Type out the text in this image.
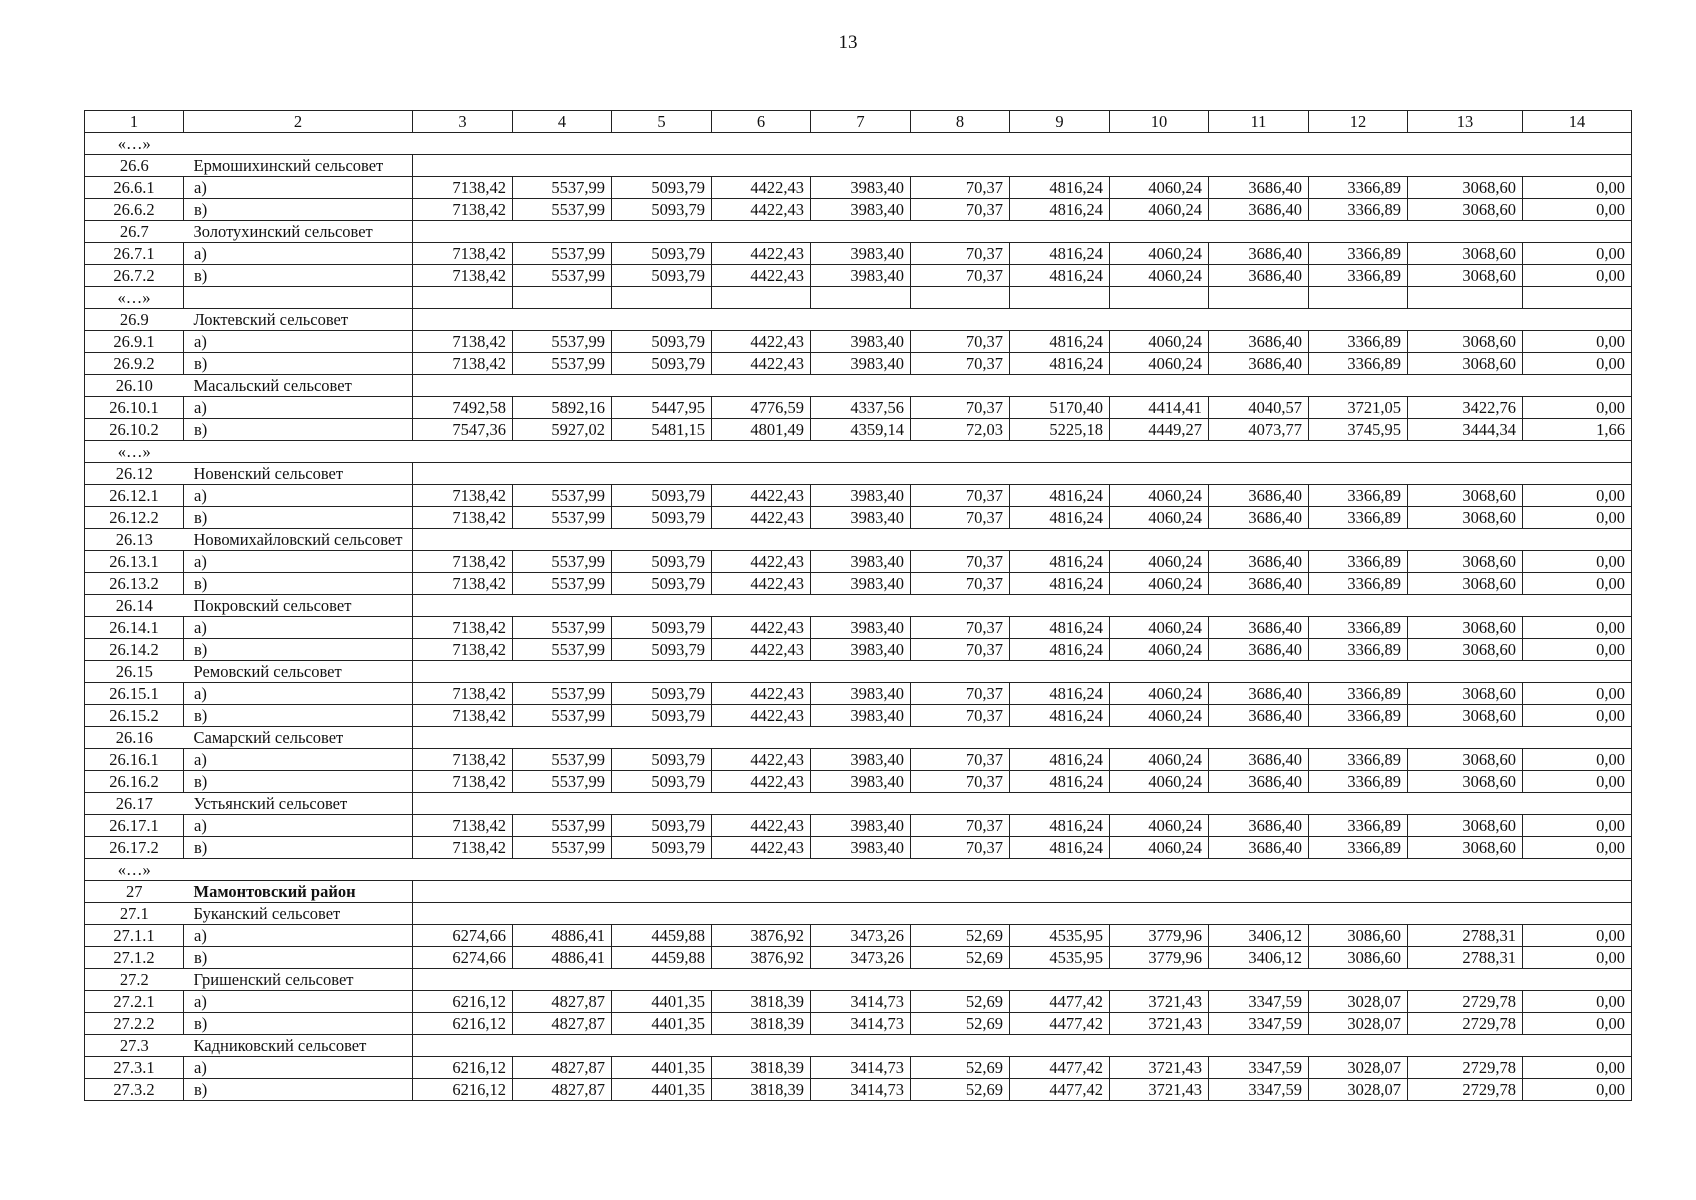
13
1	2	3	4	5	6	7	8	9	10	11	12	13	14
«…»													
26.6	Ермошихинский сельсовет												
26.6.1	а)	7138,42	5537,99	5093,79	4422,43	3983,40	70,37	4816,24	4060,24	3686,40	3366,89	3068,60	0,00
26.6.2	в)	7138,42	5537,99	5093,79	4422,43	3983,40	70,37	4816,24	4060,24	3686,40	3366,89	3068,60	0,00
26.7	Золотухинский сельсовет												
26.7.1	а)	7138,42	5537,99	5093,79	4422,43	3983,40	70,37	4816,24	4060,24	3686,40	3366,89	3068,60	0,00
26.7.2	в)	7138,42	5537,99	5093,79	4422,43	3983,40	70,37	4816,24	4060,24	3686,40	3366,89	3068,60	0,00
«…»													
26.9	Локтевский сельсовет												
26.9.1	а)	7138,42	5537,99	5093,79	4422,43	3983,40	70,37	4816,24	4060,24	3686,40	3366,89	3068,60	0,00
26.9.2	в)	7138,42	5537,99	5093,79	4422,43	3983,40	70,37	4816,24	4060,24	3686,40	3366,89	3068,60	0,00
26.10	Масальский сельсовет												
26.10.1	а)	7492,58	5892,16	5447,95	4776,59	4337,56	70,37	5170,40	4414,41	4040,57	3721,05	3422,76	0,00
26.10.2	в)	7547,36	5927,02	5481,15	4801,49	4359,14	72,03	5225,18	4449,27	4073,77	3745,95	3444,34	1,66
«…»													
26.12	Новенский сельсовет												
26.12.1	а)	7138,42	5537,99	5093,79	4422,43	3983,40	70,37	4816,24	4060,24	3686,40	3366,89	3068,60	0,00
26.12.2	в)	7138,42	5537,99	5093,79	4422,43	3983,40	70,37	4816,24	4060,24	3686,40	3366,89	3068,60	0,00
26.13	Новомихайловский сельсовет												
26.13.1	а)	7138,42	5537,99	5093,79	4422,43	3983,40	70,37	4816,24	4060,24	3686,40	3366,89	3068,60	0,00
26.13.2	в)	7138,42	5537,99	5093,79	4422,43	3983,40	70,37	4816,24	4060,24	3686,40	3366,89	3068,60	0,00
26.14	Покровский сельсовет												
26.14.1	а)	7138,42	5537,99	5093,79	4422,43	3983,40	70,37	4816,24	4060,24	3686,40	3366,89	3068,60	0,00
26.14.2	в)	7138,42	5537,99	5093,79	4422,43	3983,40	70,37	4816,24	4060,24	3686,40	3366,89	3068,60	0,00
26.15	Ремовский сельсовет												
26.15.1	а)	7138,42	5537,99	5093,79	4422,43	3983,40	70,37	4816,24	4060,24	3686,40	3366,89	3068,60	0,00
26.15.2	в)	7138,42	5537,99	5093,79	4422,43	3983,40	70,37	4816,24	4060,24	3686,40	3366,89	3068,60	0,00
26.16	Самарский сельсовет												
26.16.1	а)	7138,42	5537,99	5093,79	4422,43	3983,40	70,37	4816,24	4060,24	3686,40	3366,89	3068,60	0,00
26.16.2	в)	7138,42	5537,99	5093,79	4422,43	3983,40	70,37	4816,24	4060,24	3686,40	3366,89	3068,60	0,00
26.17	Устьянский сельсовет												
26.17.1	а)	7138,42	5537,99	5093,79	4422,43	3983,40	70,37	4816,24	4060,24	3686,40	3366,89	3068,60	0,00
26.17.2	в)	7138,42	5537,99	5093,79	4422,43	3983,40	70,37	4816,24	4060,24	3686,40	3366,89	3068,60	0,00
«…»													
27	Мамонтовский район												
27.1	Буканский сельсовет												
27.1.1	а)	6274,66	4886,41	4459,88	3876,92	3473,26	52,69	4535,95	3779,96	3406,12	3086,60	2788,31	0,00
27.1.2	в)	6274,66	4886,41	4459,88	3876,92	3473,26	52,69	4535,95	3779,96	3406,12	3086,60	2788,31	0,00
27.2	Гришенский сельсовет												
27.2.1	а)	6216,12	4827,87	4401,35	3818,39	3414,73	52,69	4477,42	3721,43	3347,59	3028,07	2729,78	0,00
27.2.2	в)	6216,12	4827,87	4401,35	3818,39	3414,73	52,69	4477,42	3721,43	3347,59	3028,07	2729,78	0,00
27.3	Кадниковский сельсовет												
27.3.1	а)	6216,12	4827,87	4401,35	3818,39	3414,73	52,69	4477,42	3721,43	3347,59	3028,07	2729,78	0,00
27.3.2	в)	6216,12	4827,87	4401,35	3818,39	3414,73	52,69	4477,42	3721,43	3347,59	3028,07	2729,78	0,00
